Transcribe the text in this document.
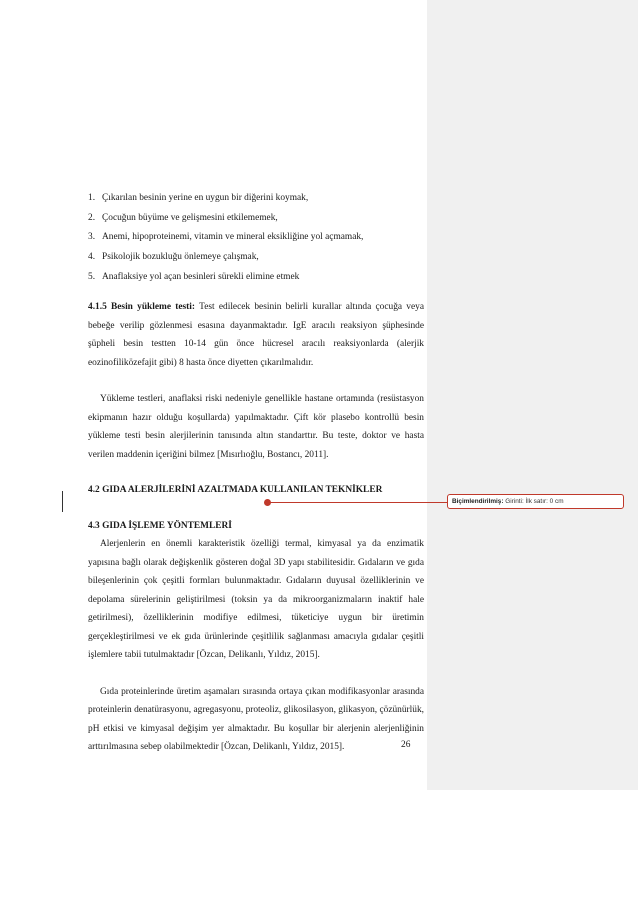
1. Çıkarılan besinin yerine en uygun bir diğerini koymak,
2. Çocuğun büyüme ve gelişmesini etkilememek,
3. Anemi, hipoproteinemi, vitamin ve mineral eksikliğine yol açmamak,
4. Psikolojik bozukluğu önlemeye çalışmak,
5. Anaflaksiye yol açan besinleri sürekli elimine etmek

4.1.5 Besin yükleme testi: Test edilecek besinin belirli kurallar altında çocuğa veya bebeğe verilip gözlenmesi esasına dayanmaktadır. IgE aracılı reaksiyon şüphesinde şüpheli besin testten 10-14 gün önce hücresel aracılı reaksiyonlarda (alerjik eozinofiliközefajit gibi) 8 hasta önce diyetten çıkarılmalıdır.

Yükleme testleri, anaflaksi riski nedeniyle genellikle hastane ortamında (resüstasyon ekipmanın hazır olduğu koşullarda) yapılmaktadır. Çift kör plasebo kontrollü besin yükleme testi besin alerjilerinin tanısında altın standarttır. Bu teste, doktor ve hasta verilen maddenin içeriğini bilmez [Mısırlıoğlu, Bostancı, 2011].

4.2 GIDA ALERJİLERİNİ AZALTMADA KULLANILAN TEKNİKLER
4.3 GIDA İŞLEME YÖNTEMLERİ

Alerjenlerin en önemli karakteristik özelliği termal, kimyasal ya da enzimatik yapısına bağlı olarak değişkenlik gösteren doğal 3D yapı stabilitesidir. Gıdaların ve gıda bileşenlerinin çok çeşitli formları bulunmaktadır. Gıdaların duyusal özelliklerinin ve depolama sürelerinin geliştirilmesi (toksin ya da mikroorganizmaların inaktif hale getirilmesi), özelliklerinin modifiye edilmesi, tüketiciye uygun bir üretimin gerçekleştirilmesi ve ek gıda ürünlerinde çeşitlilik sağlanması amacıyla gıdalar çeşitli işlemlere tabii tutulmaktadır [Özcan, Delikanlı, Yıldız, 2015].

Gıda proteinlerinde üretim aşamaları sırasında ortaya çıkan modifikasyonlar arasında proteinlerin denatürasyonu, agregasyonu, proteoliz, glikosilasyon, glikasyon, çözünürlük, pH etkisi ve kimyasal değişim yer almaktadır. Bu koşullar bir alerjenin alerjenliğinin arttırılmasına sebep olabilmektedir [Özcan, Delikanlı, Yıldız, 2015].	26
Biçimlendirilmiş: Girinti: İlk satır: 0 cm
